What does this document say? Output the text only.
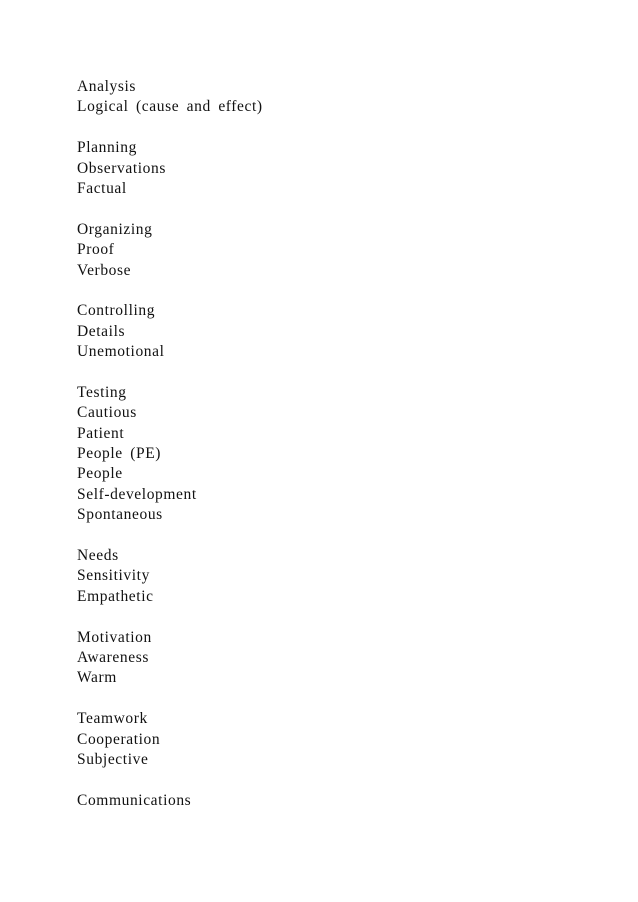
Analysis
Logical (cause and effect)
Planning
Observations
Factual
Organizing
Proof
Verbose
Controlling
Details
Unemotional
Testing
Cautious
Patient
People (PE)
People
Self-development
Spontaneous
Needs
Sensitivity
Empathetic
Motivation
Awareness
Warm
Teamwork
Cooperation
Subjective
Communications
